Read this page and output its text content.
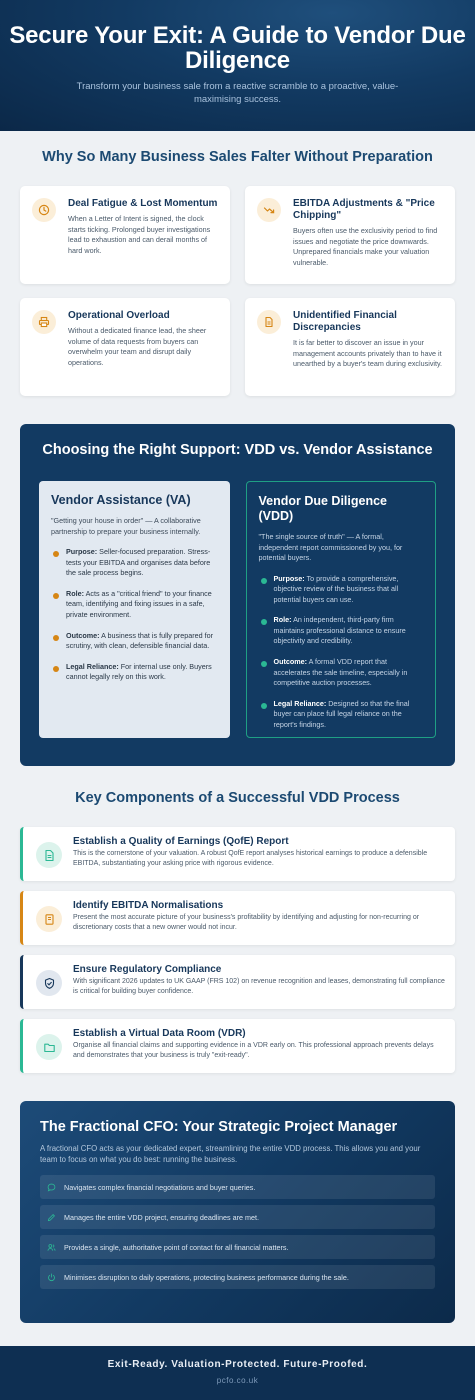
Secure Your Exit: A Guide to Vendor Due Diligence

Transform your business sale from a reactive scramble to a proactive, value-maximising success.

Why So Many Business Sales Falter Without Preparation
Deal Fatigue & Lost Momentum

When a Letter of Intent is signed, the clock starts ticking. Prolonged buyer investigations lead to exhaustion and can derail months of hard work.

EBITDA Adjustments & "Price Chipping"

Buyers often use the exclusivity period to find issues and negotiate the price downwards. Unprepared financials make your valuation vulnerable.

Operational Overload

Without a dedicated finance lead, the sheer volume of data requests from buyers can overwhelm your team and disrupt daily operations.

Unidentified Financial Discrepancies

It is far better to discover an issue in your management accounts privately than to have it unearthed by a buyer's team during exclusivity.

Choosing the Right Support: VDD vs. Vendor Assistance
Vendor Assistance (VA)

"Getting your house in order" — A collaborative partnership to prepare your business internally.

Purpose: Seller-focused preparation. Stress-tests your EBITDA and organises data before the sale process begins.
Role: Acts as a "critical friend" to your finance team, identifying and fixing issues in a safe, private environment.
Outcome: A business that is fully prepared for scrutiny, with clean, defensible financial data.
Legal Reliance: For internal use only. Buyers cannot legally rely on this work.
Vendor Due Diligence (VDD)

"The single source of truth" — A formal, independent report commissioned by you, for potential buyers.

Purpose: To provide a comprehensive, objective review of the business that all potential buyers can use.
Role: An independent, third-party firm maintains professional distance to ensure objectivity and credibility.
Outcome: A formal VDD report that accelerates the sale timeline, especially in competitive auction processes.
Legal Reliance: Designed so that the final buyer can place full legal reliance on the report's findings.
Key Components of a Successful VDD Process
Establish a Quality of Earnings (QofE) Report

This is the cornerstone of your valuation. A robust QofE report analyses historical earnings to produce a defensible EBITDA, substantiating your asking price with rigorous evidence.

Identify EBITDA Normalisations

Present the most accurate picture of your business's profitability by identifying and adjusting for non-recurring or discretionary costs that a new owner would not incur.

Ensure Regulatory Compliance

With significant 2026 updates to UK GAAP (FRS 102) on revenue recognition and leases, demonstrating full compliance is critical for building buyer confidence.

Establish a Virtual Data Room (VDR)

Organise all financial claims and supporting evidence in a VDR early on. This professional approach prevents delays and demonstrates that your business is truly "exit-ready".

The Fractional CFO: Your Strategic Project Manager

A fractional CFO acts as your dedicated expert, streamlining the entire VDD process. This allows you and your team to focus on what you do best: running the business.

Navigates complex financial negotiations and buyer queries.
Manages the entire VDD project, ensuring deadlines are met.
Provides a single, authoritative point of contact for all financial matters.
Minimises disruption to daily operations, protecting business performance during the sale.
Exit-Ready. Valuation-Protected. Future-Proofed.
pcfo.co.uk
